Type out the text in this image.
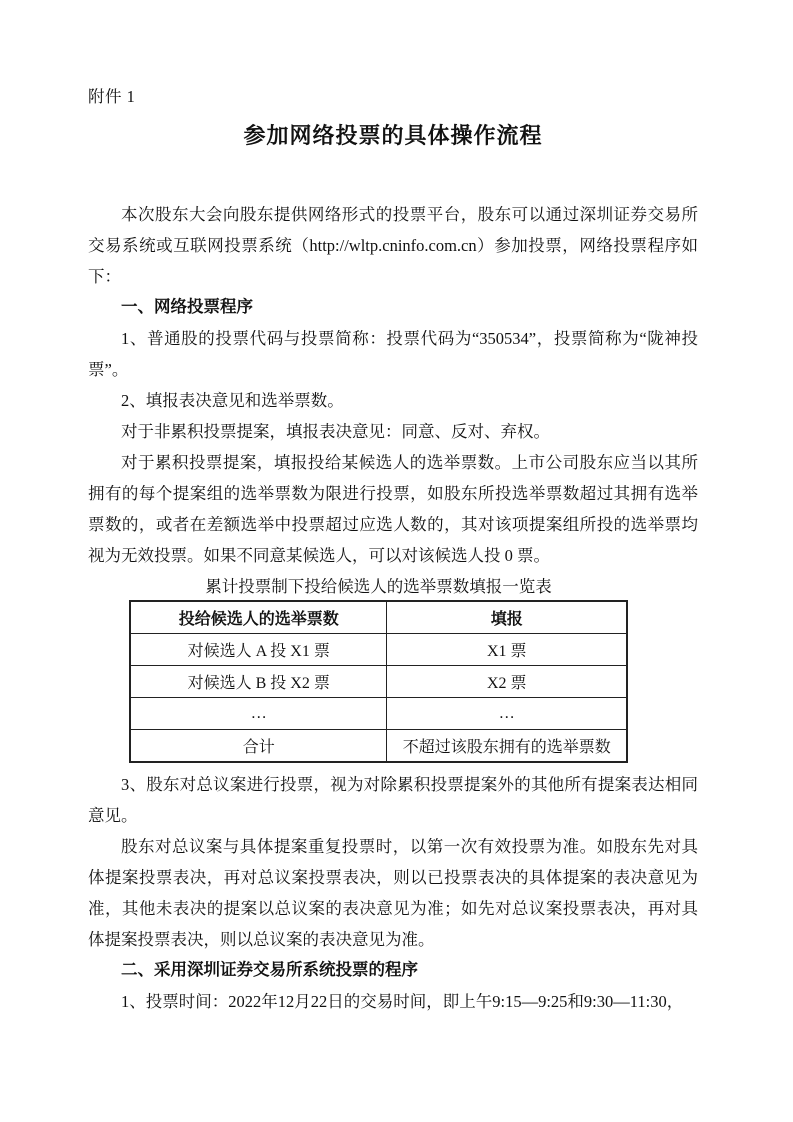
附件 1
参加网络投票的具体操作流程

本次股东大会向股东提供网络形式的投票平台，股东可以通过深圳证券交易所交易系统或互联网投票系统（http://wltp.cninfo.com.cn）参加投票，网络投票程序如下：

一、网络投票程序

1、普通股的投票代码与投票简称：投票代码为“350534”，投票简称为“陇神投票”。

2、填报表决意见和选举票数。

对于非累积投票提案，填报表决意见：同意、反对、弃权。

对于累积投票提案，填报投给某候选人的选举票数。上市公司股东应当以其所拥有的每个提案组的选举票数为限进行投票，如股东所投选举票数超过其拥有选举票数的，或者在差额选举中投票超过应选人数的，其对该项提案组所投的选举票均视为无效投票。如果不同意某候选人，可以对该候选人投 0 票。

累计投票制下投给候选人的选举票数填报一览表
投给候选人的选举票数	填报
对候选人 A 投 X1 票	X1 票
对候选人 B 投 X2 票	X2 票
…	…
合计	不超过该股东拥有的选举票数

3、股东对总议案进行投票，视为对除累积投票提案外的其他所有提案表达相同意见。

股东对总议案与具体提案重复投票时，以第一次有效投票为准。如股东先对具体提案投票表决，再对总议案投票表决，则以已投票表决的具体提案的表决意见为准，其他未表决的提案以总议案的表决意见为准；如先对总议案投票表决，再对具体提案投票表决，则以总议案的表决意见为准。

二、采用深圳证券交易所系统投票的程序

1、投票时间：2022年12月22日的交易时间，即上午9:15—9:25和9:30—11:30，
